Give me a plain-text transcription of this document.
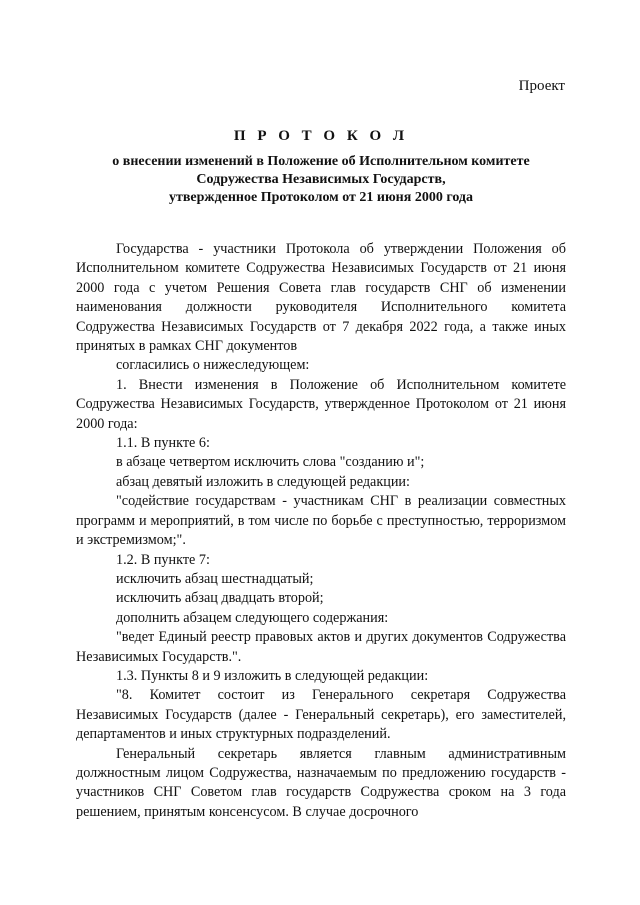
Проект
П Р О Т О К О Л
о внесении изменений в Положение об Исполнительном комитете
Содружества Независимых Государств,
утвержденное Протоколом от 21 июня 2000 года

Государства - участники Протокола об утверждении Положения об Исполнительном комитете Содружества Независимых Государств от 21 июня 2000 года с учетом Решения Совета глав государств СНГ об изменении наименования должности руководителя Исполнительного комитета Содружества Независимых Государств от 7 декабря 2022 года, а также иных принятых в рамках СНГ документов

согласились о нижеследующем:

1. Внести изменения в Положение об Исполнительном комитете Содружества Независимых Государств, утвержденное Протоколом от 21 июня 2000 года:

1.1. В пункте 6:

в абзаце четвертом исключить слова "созданию и";

абзац девятый изложить в следующей редакции:

"содействие государствам - участникам СНГ в реализации совместных программ и мероприятий, в том числе по борьбе с преступностью, терроризмом и экстремизмом;".

1.2. В пункте 7:

исключить абзац шестнадцатый;

исключить абзац двадцать второй;

дополнить абзацем следующего содержания:

"ведет Единый реестр правовых актов и других документов Содружества Независимых Государств.".

1.3. Пункты 8 и 9 изложить в следующей редакции:

"8. Комитет состоит из Генерального секретаря Содружества Независимых Государств (далее - Генеральный секретарь), его заместителей, департаментов и иных структурных подразделений.

Генеральный секретарь является главным административным должностным лицом Содружества, назначаемым по предложению государств - участников СНГ Советом глав государств Содружества сроком на 3 года решением, принятым консенсусом. В случае досрочного
